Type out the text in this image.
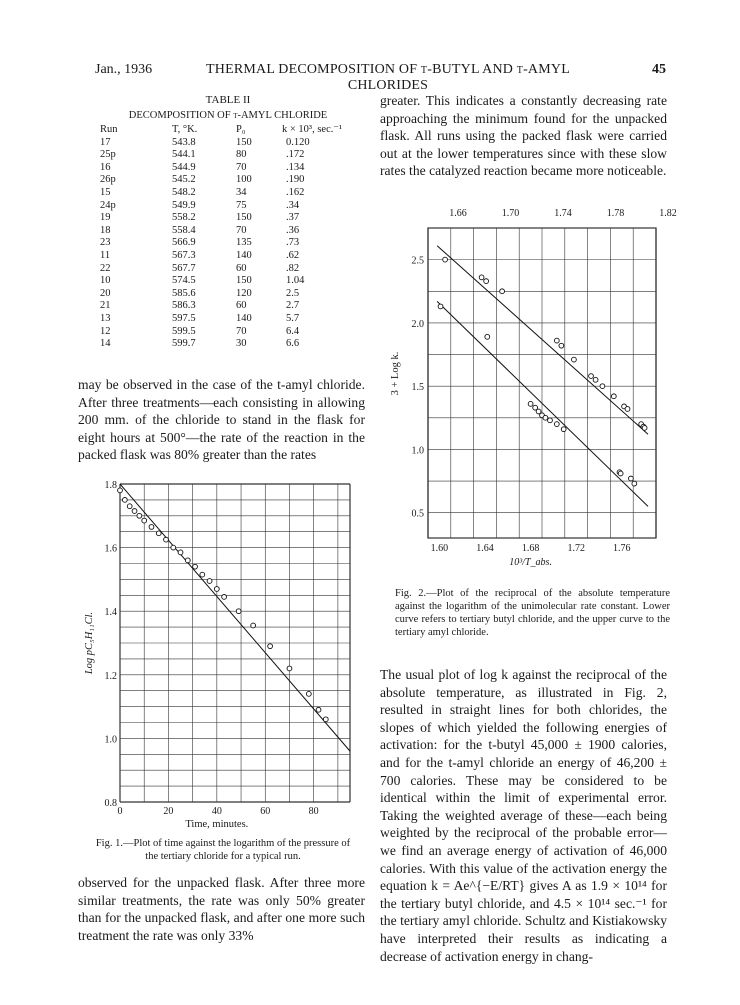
Jan., 1936	THERMAL DECOMPOSITION OF t-BUTYL AND t-AMYL CHLORIDES
45
TABLE II
DECOMPOSITION OF t-AMYL CHLORIDE
Run	T, °K.	P₀	k × 10³, sec.⁻¹
17	543.8	150	0.120
25p	544.1	80	.172
16	544.9	70	.134
26p	545.2	100	.190
15	548.2	34	.162
24p	549.9	75	.34
19	558.2	150	.37
18	558.4	70	.36
23	566.9	135	.73
11	567.3	140	.62
22	567.7	60	.82
10	574.5	150	1.04
20	585.6	120	2.5
21	586.3	60	2.7
13	597.5	140	5.7
12	599.5	70	6.4
14	599.7	30	6.6
may be observed in the case of the t-amyl chloride. After three treatments—each consisting in allowing 200 mm. of the chloride to stand in the flask for eight hours at 500°—the rate of the reaction in the packed flask was 80% greater than the rates
0.8
1.0
1.2
1.4
1.6
1.8
0	20	40	60	80
Time, minutes.
Log pC₅H₁₁Cl.
Fig. 1.—Plot of time against the logarithm of the pressure of the tertiary chloride for a typical run.
observed for the unpacked flask. After three more similar treatments, the rate was only 50% greater than for the unpacked flask, and after one more such treatment the rate was only 33%
greater. This indicates a constantly decreasing rate approaching the minimum found for the unpacked flask. All runs using the packed flask were carried out at the lower temperatures since with these slow rates the catalyzed reaction became more noticeable.
1.66	1.70	1.74	1.78	1.82
1.60	1.64	1.68	1.72	1.76
10³/T_abs.
0.5
1.0
1.5
2.0
2.5
3 + Log k.
Fig. 2.—Plot of the reciprocal of the absolute temperature against the logarithm of the unimolecular rate constant. Lower curve refers to tertiary butyl chloride, and the upper curve to the tertiary amyl chloride.
The usual plot of log k against the reciprocal of the absolute temperature, as illustrated in Fig. 2, resulted in straight lines for both chlorides, the slopes of which yielded the following energies of activation: for the t-butyl 45,000 ± 1900 calories, and for the t-amyl chloride an energy of 46,200 ± 700 calories. These may be considered to be identical within the limit of experimental error. Taking the weighted average of these—each being weighted by the reciprocal of the probable error—we find an average energy of activation of 46,000 calories. With this value of the activation energy the equation k = Ae^{−E/RT} gives A as 1.9 × 10¹⁴ for the tertiary butyl chloride, and 4.5 × 10¹⁴ sec.⁻¹ for the tertiary amyl chloride. Schultz and Kistiakowsky have interpreted their results as indicating a decrease of activation energy in chang-
